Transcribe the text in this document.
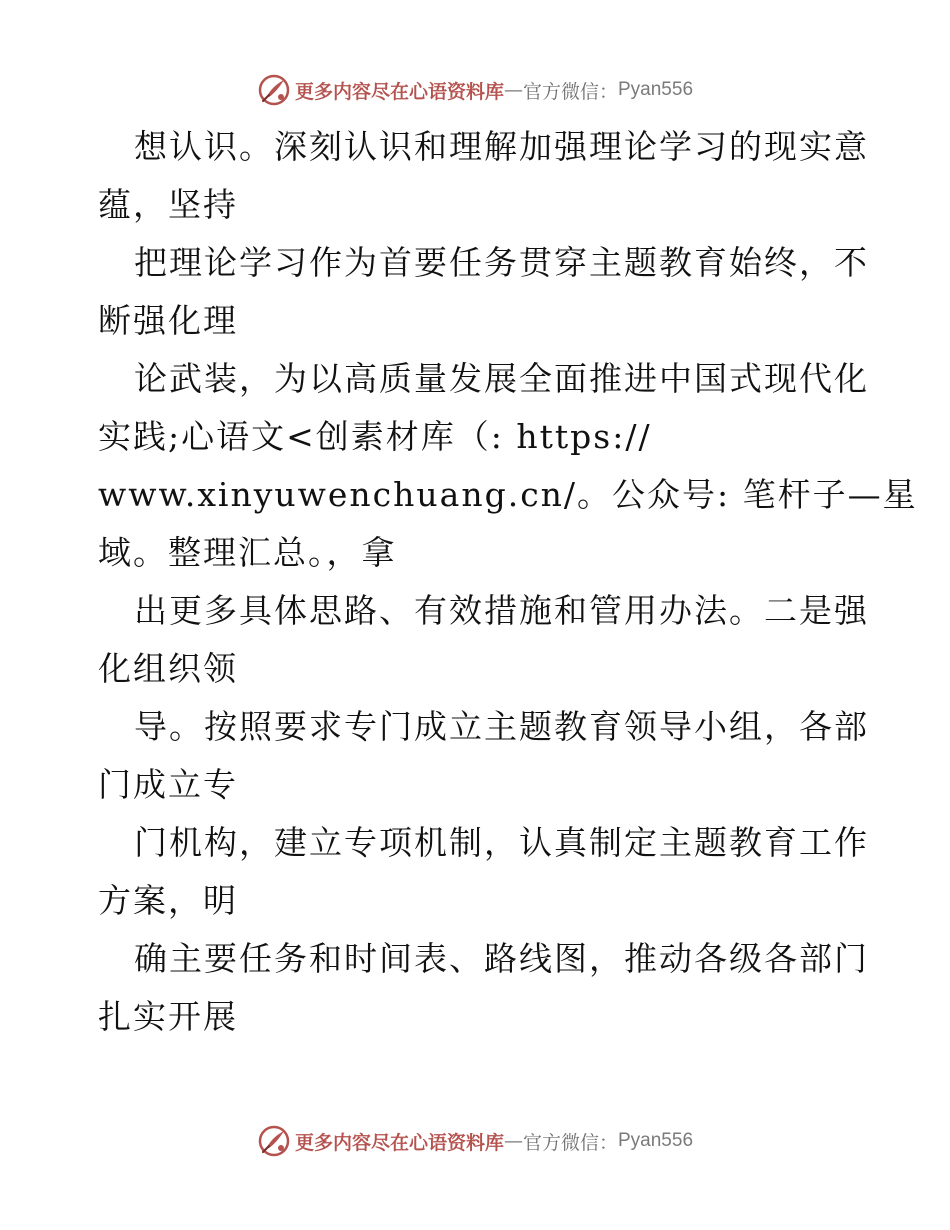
更多内容尽在心语资料库 — 官方微信： Pyan556
想认识。深刻认识和理解加强理论学习的现实意
蕴，坚持
把理论学习作为首要任务贯穿主题教育始终，不
断强化理
论武装，为以高质量发展全面推进中国式现代化
实践;心语文<创素材库（: https://
www.xinyuwenchuang.cn/。公众号: 笔杆子—星
域。整理汇总。，拿
出更多具体思路、有效措施和管用办法。二是强
化组织领
导。按照要求专门成立主题教育领导小组，各部
门成立专
门机构，建立专项机制，认真制定主题教育工作
方案，明
确主要任务和时间表、路线图，推动各级各部门
扎实开展
更多内容尽在心语资料库 — 官方微信： Pyan556
